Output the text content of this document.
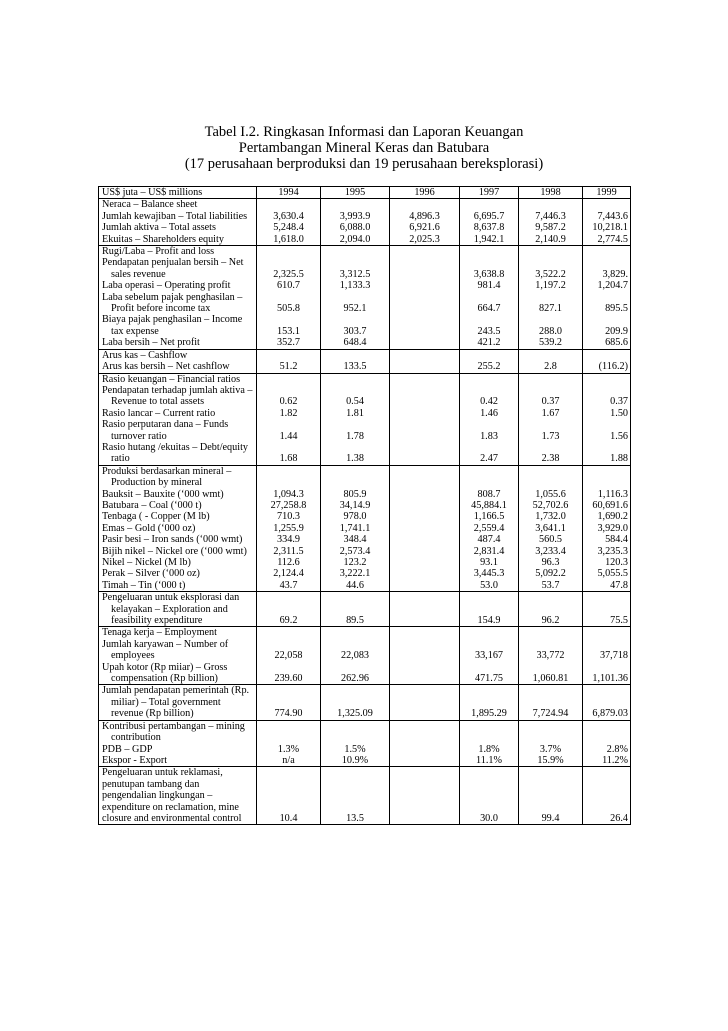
Tabel I.2. Ringkasan Informasi dan Laporan Keuangan
Pertambangan Mineral Keras dan Batubara
(17 perusahaan berproduksi dan 19 perusahaan bereksplorasi)
US$ juta – US$ millions	1994	1995	1996	1997	1998	1999

Neraca – Balance sheet						

Jumlah kewajiban – Total liabilities	3,630.4	3,993.9	4,896.3	6,695.7	7,446.3	7,443.6

Jumlah aktiva – Total assets	5,248.4	6,088.0	6,921.6	8,637.8	9,587.2	10,218.1

Ekuitas – Shareholders equity	1,618.0	2,094.0	2,025.3	1,942.1	2,140.9	2,774.5

Rugi/Laba – Profit and loss						

Pendapatan penjualan bersih – Net
sales revenue	2,325.5	3,312.5		3,638.8	3,522.2	3,829.

Laba operasi – Operating profit	610.7	1,133.3		981.4	1,197.2	1,204.7

Laba sebelum pajak penghasilan –
Profit before income tax	505.8	952.1		664.7	827.1	895.5

Biaya pajak penghasilan – Income
tax expense	153.1	303.7		243.5	288.0	209.9

Laba bersih – Net profit	352.7	648.4		421.2	539.2	685.6

Arus kas – Cashflow						

Arus kas bersih – Net cashflow	51.2	133.5		255.2	2.8	(116.2)

Rasio keuangan – Financial ratios						

Pendapatan terhadap jumlah aktiva –
Revenue to total assets	0.62	0.54		0.42	0.37	0.37

Rasio lancar – Current ratio	1.82	1.81		1.46	1.67	1.50

Rasio perputaran dana – Funds
turnover ratio	1.44	1.78		1.83	1.73	1.56

Rasio hutang /ekuitas – Debt/equity
ratio	1.68	1.38		2.47	2.38	1.88

Produksi berdasarkan mineral –
Production by mineral						

Bauksit – Bauxite (‘000 wmt)	1,094.3	805.9		808.7	1,055.6	1,116.3

Batubara – Coal (‘000 t)	27,258.8	34,14.9		45,884.1	52,702.6	60,691.6

Tenbaga ( - Copper (M lb)	710.3	978.0		1,166.5	1,732.0	1,690.2

Emas – Gold (‘000 oz)	1,255.9	1,741.1		2,559.4	3,641.1	3,929.0

Pasir besi – Iron sands (‘000 wmt)	334.9	348.4		487.4	560.5	584.4

Bijih nikel – Nickel ore (‘000 wmt)	2,311.5	2,573.4		2,831.4	3,233.4	3,235.3

Nikel – Nickel (M lb)	112.6	123.2		93.1	96.3	120.3

Perak – Silver (‘000 oz)	2,124.4	3,222.1		3,445.3	5,092.2	5,055.5

Timah – Tin (‘000 t)	43.7	44.6		53.0	53.7	47.8

Pengeluaran untuk eksplorasi dan
kelayakan – Exploration and
feasibility expenditure	69.2	89.5		154.9	96.2	75.5

Tenaga kerja – Employment						

Jumlah karyawan – Number of
employees	22,058	22,083		33,167	33,772	37,718

Upah kotor (Rp miiar) – Gross
compensation (Rp billion)	239.60	262.96		471.75	1,060.81	1,101.36

Jumlah pendapatan pemerintah (Rp.
miliar) – Total government
revenue (Rp billion)	774.90	1,325.09		1,895.29	7,724.94	6,879.03

Kontribusi pertambangan – mining
contribution						

PDB – GDP	1.3%	1.5%		1.8%	3.7%	2.8%

Ekspor - Export	n/a	10.9%		11.1%	15.9%	11.2%

Pengeluaran untuk reklamasi,
penutupan tambang dan
pengendalian lingkungan –
expenditure on reclamation, mine
closure and environmental control	10.4	13.5		30.0	99.4	26.4
